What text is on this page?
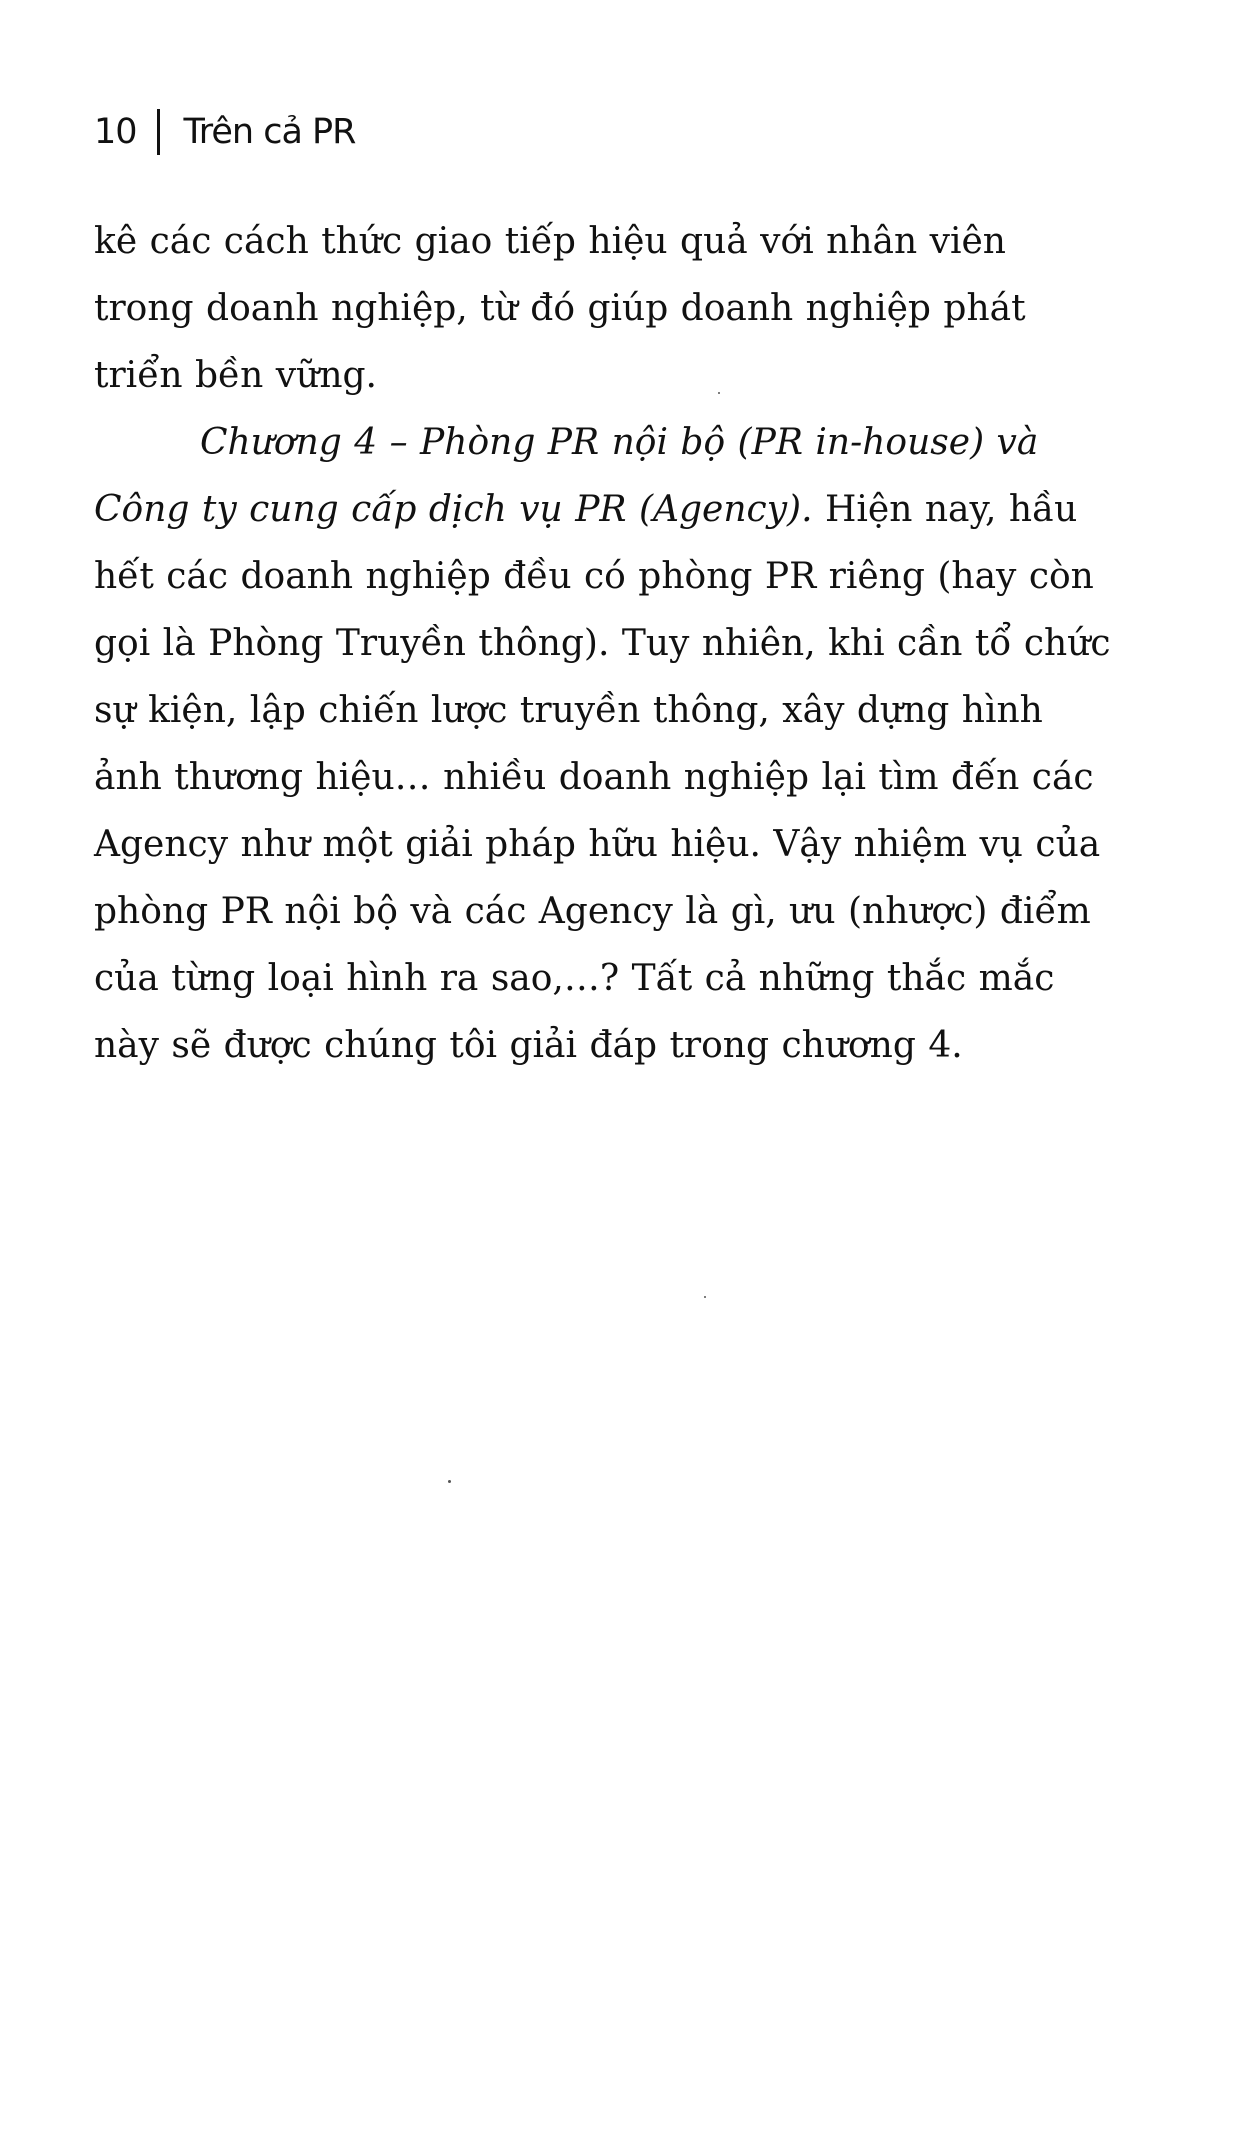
10 Trên cả PR

kê các cách thức giao tiếp hiệu quả với nhân viên trong doanh nghiệp, từ đó giúp doanh nghiệp phát triển bền vững.

Chương 4 – Phòng PR nội bộ (PR in-house) và Công ty cung cấp dịch vụ PR (Agency). Hiện nay, hầu hết các doanh nghiệp đều có phòng PR riêng (hay còn gọi là Phòng Truyền thông). Tuy nhiên, khi cần tổ chức sự kiện, lập chiến lược truyền thông, xây dựng hình ảnh thương hiệu… nhiều doanh nghiệp lại tìm đến các Agency như một giải pháp hữu hiệu. Vậy nhiệm vụ của phòng PR nội bộ và các Agency là gì, ưu (nhược) điểm của từng loại hình ra sao,…? Tất cả những thắc mắc này sẽ được chúng tôi giải đáp trong chương 4.
